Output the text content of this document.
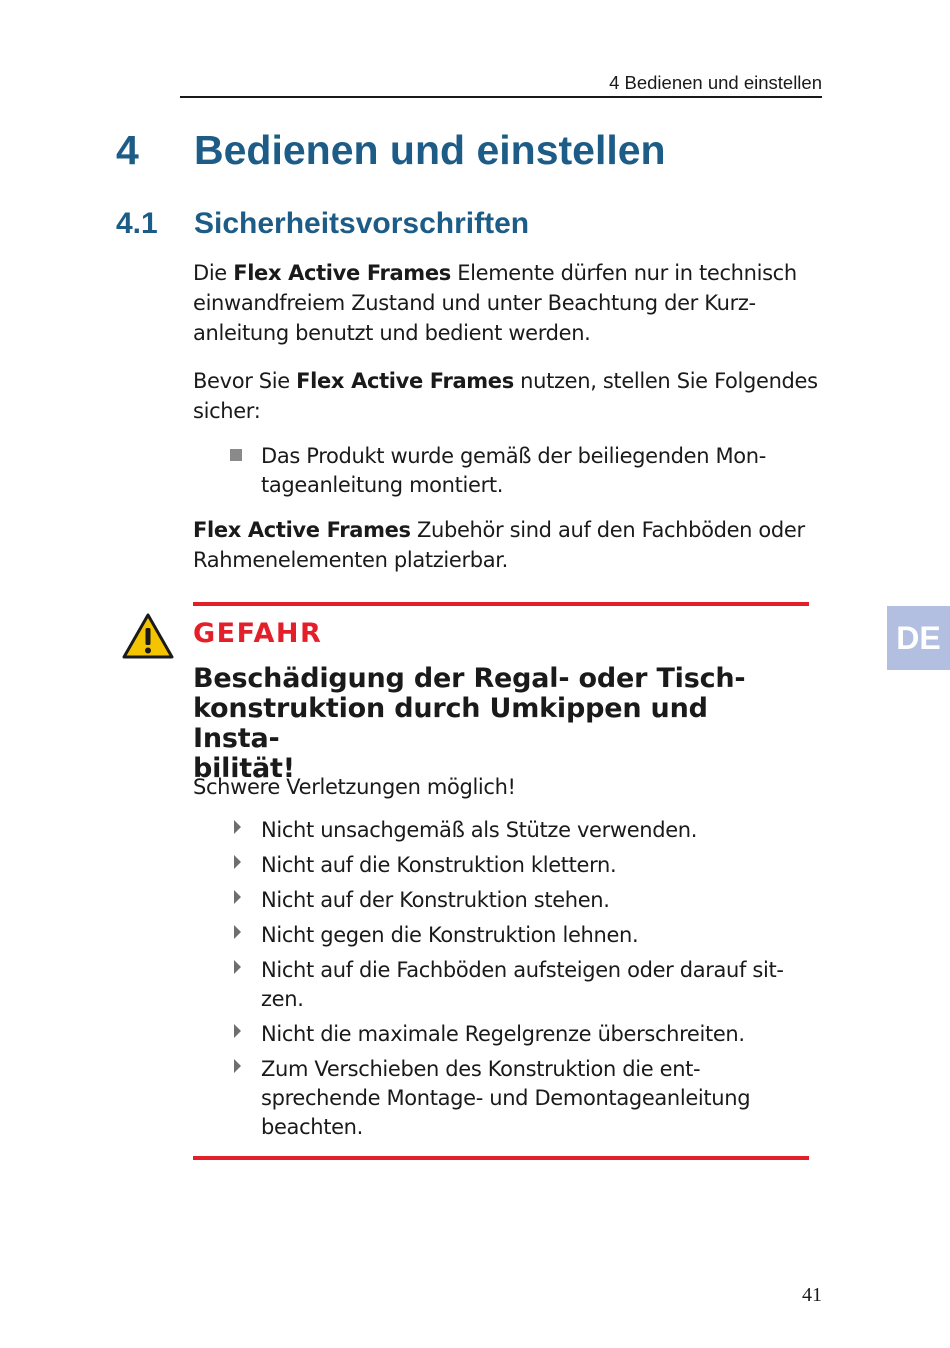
4 Bedienen und einstellen
4 Bedienen und einstellen
4.1 Sicherheitsvorschriften
Die Flex Active Frames Elemente dürfen nur in technisch
einwandfreiem Zustand und unter Beachtung der Kurz-
anleitung benutzt und bedient werden.
Bevor Sie Flex Active Frames nutzen, stellen Sie Folgendes
sicher:
Das Produkt wurde gemäß der beiliegenden Mon-
tageanleitung montiert.
Flex Active Frames Zubehör sind auf den Fachböden oder
Rahmenelementen platzierbar.
GEFAHR
Beschädigung der Regal- oder Tisch-
konstruktion durch Umkippen und Insta-
bilität!
Schwere Verletzungen möglich!
Nicht unsachgemäß als Stütze verwenden.
Nicht auf die Konstruktion klettern.
Nicht auf der Konstruktion stehen.
Nicht gegen die Konstruktion lehnen.
Nicht auf die Fachböden aufsteigen oder darauf sit-
zen.
Nicht die maximale Regelgrenze überschreiten.
Zum Verschieben des Konstruktion die ent-
sprechende Montage- und Demontageanleitung
beachten.
DE
41
